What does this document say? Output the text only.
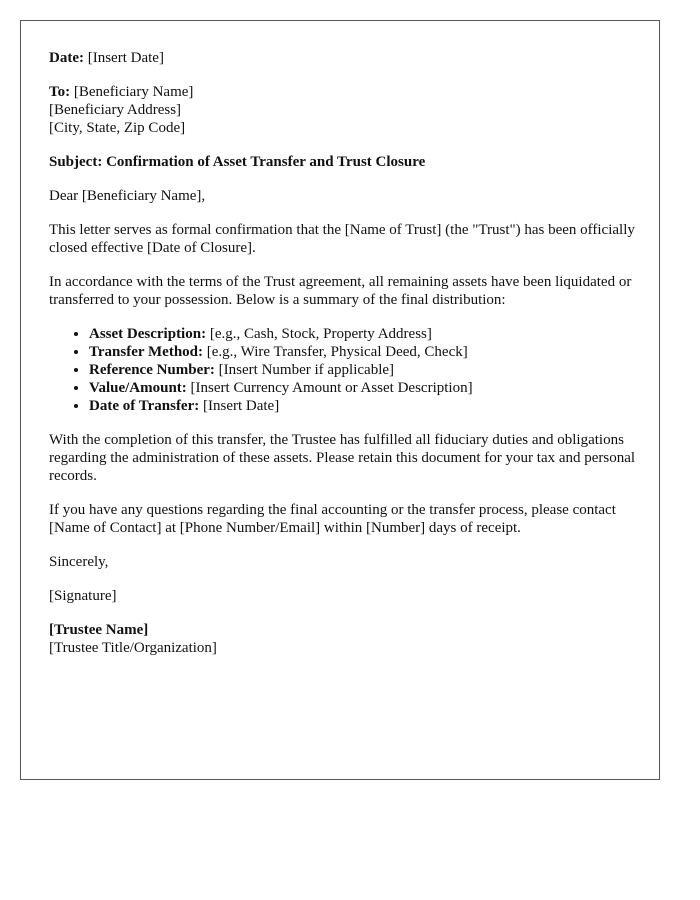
Date: [Insert Date]

To: [Beneficiary Name]
[Beneficiary Address]
[City, State, Zip Code]

Subject: Confirmation of Asset Transfer and Trust Closure

Dear [Beneficiary Name],

This letter serves as formal confirmation that the [Name of Trust] (the "Trust") has been officially closed effective [Date of Closure].

In accordance with the terms of the Trust agreement, all remaining assets have been liquidated or transferred to your possession. Below is a summary of the final distribution:

• Asset Description: [e.g., Cash, Stock, Property Address]
• Transfer Method: [e.g., Wire Transfer, Physical Deed, Check]
• Reference Number: [Insert Number if applicable]
• Value/Amount: [Insert Currency Amount or Asset Description]
• Date of Transfer: [Insert Date]

With the completion of this transfer, the Trustee has fulfilled all fiduciary duties and obligations regarding the administration of these assets. Please retain this document for your tax and personal records.

If you have any questions regarding the final accounting or the transfer process, please contact [Name of Contact] at [Phone Number/Email] within [Number] days of receipt.

Sincerely,

[Signature]

[Trustee Name]
[Trustee Title/Organization]
